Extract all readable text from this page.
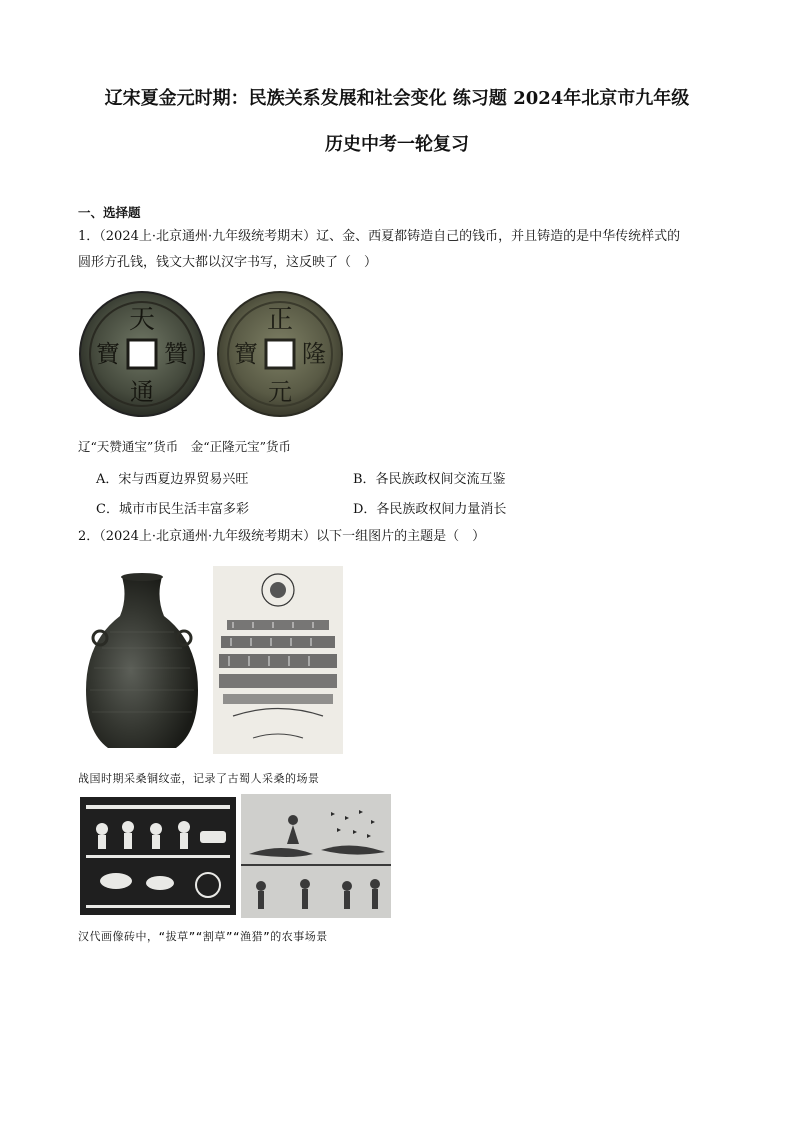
辽宋夏金元时期：民族关系发展和社会变化 练习题 2024年北京市九年级
历史中考一轮复习
一、选择题
1．（2024上·北京通州·九年级统考期末）辽、金、西夏都铸造自己的钱币，并且铸造的是中华传统样式的
圆形方孔钱，钱文大都以汉字书写，这反映了（　）
天
贊
通
寶
正
隆
元
寶
辽“天赞通宝”货币　金“正隆元宝”货币
A．宋与西夏边界贸易兴旺	B．各民族政权间交流互鉴
C．城市市民生活丰富多彩	D．各民族政权间力量消长
2．（2024上·北京通州·九年级统考期末）以下一组图片的主题是（　）
战国时期采桑铜纹壶，记录了古蜀人采桑的场景
汉代画像砖中，“拔草”“割草”“渔猎”的农事场景
